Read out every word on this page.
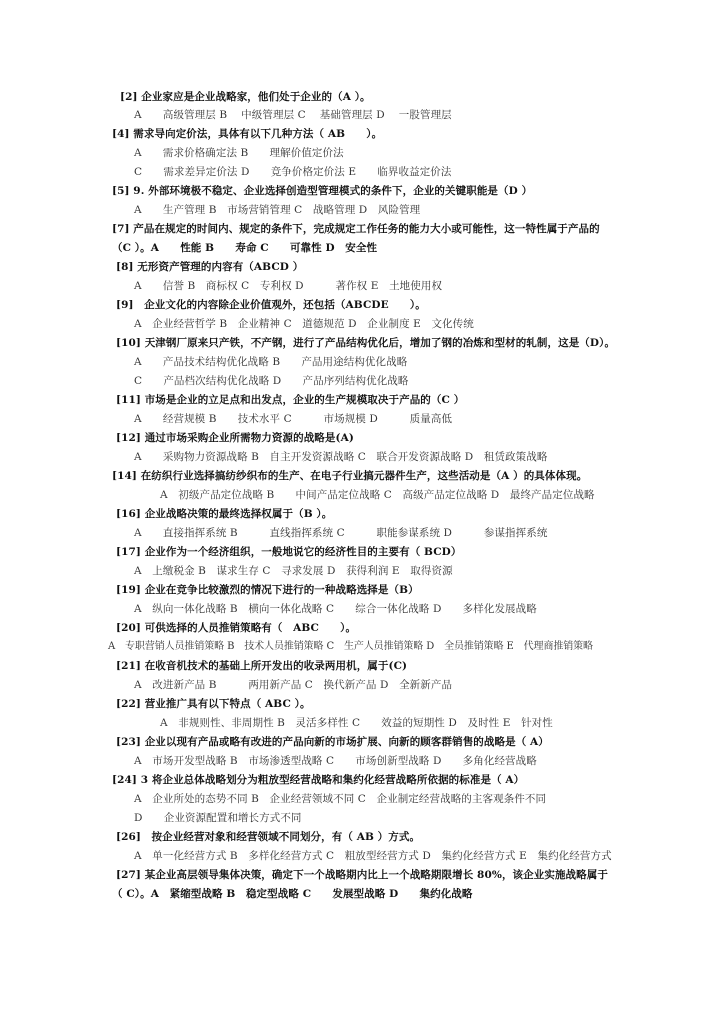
[2] 企业家应是企业战略家，他们处于企业的（A ）。
A　　高级管理层 B　 中级管理层 C　 基础管理层 D　 一股管理层
[4] 需求导向定价法，具体有以下几种方法（ AB　　）。
A　　需求价格确定法 B　　理解价值定价法
C　　需求差异定价法 D　　竞争价格定价法 E　　临界收益定价法
[5] 9. 外部环境极不稳定、企业选择创造型管理模式的条件下，企业的关键职能是（D ）
A　　生产管理 B　市场营销管理 C　战略管理 D　风险管理
[7] 产品在规定的时间内、规定的条件下，完成规定工作任务的能力大小或可能性，这一特性属于产品的
（C ）。A　　性能 B　　寿命 C　　可靠性 D　安全性
[8] 无形资产管理的内容有（ABCD ）
A　　信誉 B　商标权 C　专利权 D　　　著作权 E　土地使用权
[9]　企业文化的内容除企业价值观外，还包括（ABCDE　　）。
A　企业经营哲学 B　企业精神 C　道德规范 D　企业制度 E　文化传统
[10] 天津钢厂原来只产铁，不产钢，进行了产品结构优化后，增加了钢的冶炼和型材的轧制，这是（D）。
A　　产品技术结构优化战略 B　　产品用途结构优化战略
C　　产品档次结构优化战略 D　　产品序列结构优化战略
[11] 市场是企业的立足点和出发点，企业的生产规模取决于产品的（C ）
A　　经营规模 B　　技术水平 C　　　市场规模 D　　　质量高低
[12] 通过市场采购企业所需物力资源的战略是(A)
A　　采购物力资源战略 B　自主开发资源战略 C　联合开发资源战略 D　租赁政策战略
[14] 在纺织行业选择搞纺纱织布的生产、在电子行业搞元器件生产，这些活动是（A ）的具体体现。
A　初级产品定位战略 B　　中间产品定位战略 C　高级产品定位战略 D　最终产品定位战略
[16] 企业战略决策的最终选择权属于（B ）。
A　　直接指挥系统 B　　　直线指挥系统 C　　　职能参谋系统 D　　　参谋指挥系统
[17] 企业作为一个经济组织，一般地说它的经济性目的主要有（ BCD）
A　上缴税金 B　谋求生存 C　寻求发展 D　获得利润 E　取得资源
[19] 企业在竞争比较激烈的情况下进行的一种战略选择是（B）
A　纵向一体化战略 B　横向一体化战略 C　　综合一体化战略 D　　多样化发展战略
[20] 可供选择的人员推销策略有（　ABC　　）。
A　专职营销人员推销策略 B　技术人员推销策略 C　生产人员推销策略 D　全员推销策略 E　代理商推销策略
[21] 在收音机技术的基础上所开发出的收录两用机，属于(C)
A　改进新产品 B　　　两用新产品 C　换代新产品 D　全新新产品
[22] 营业推广具有以下特点（ ABC ）。
A　非规则性、非周期性 B　灵活多样性 C　　效益的短期性 D　及时性 E　针对性
[23] 企业以现有产品或略有改进的产品向新的市场扩展、向新的顾客群销售的战略是（ A）
A　市场开发型战略 B　市场渗透型战略 C　　市场创新型战略 D　　多角化经营战略
[24] 3 将企业总体战略划分为粗放型经营战略和集约化经营战略所依据的标准是（ A）
A　企业所处的态势不同 B　企业经营领域不同 C　企业制定经营战略的主客观条件不同
D　　企业资源配置和增长方式不同
[26]　按企业经营对象和经营领域不同划分，有（ AB ）方式。
A　单一化经营方式 B　多样化经营方式 C　粗放型经营方式 D　集约化经营方式 E　集约化经营方式
[27] 某企业高层领导集体决策，确定下一个战略期内比上一个战略期限增长 80%，该企业实施战略属于
（ C）。A　紧缩型战略 B　稳定型战略 C　　发展型战略 D　　集约化战略
